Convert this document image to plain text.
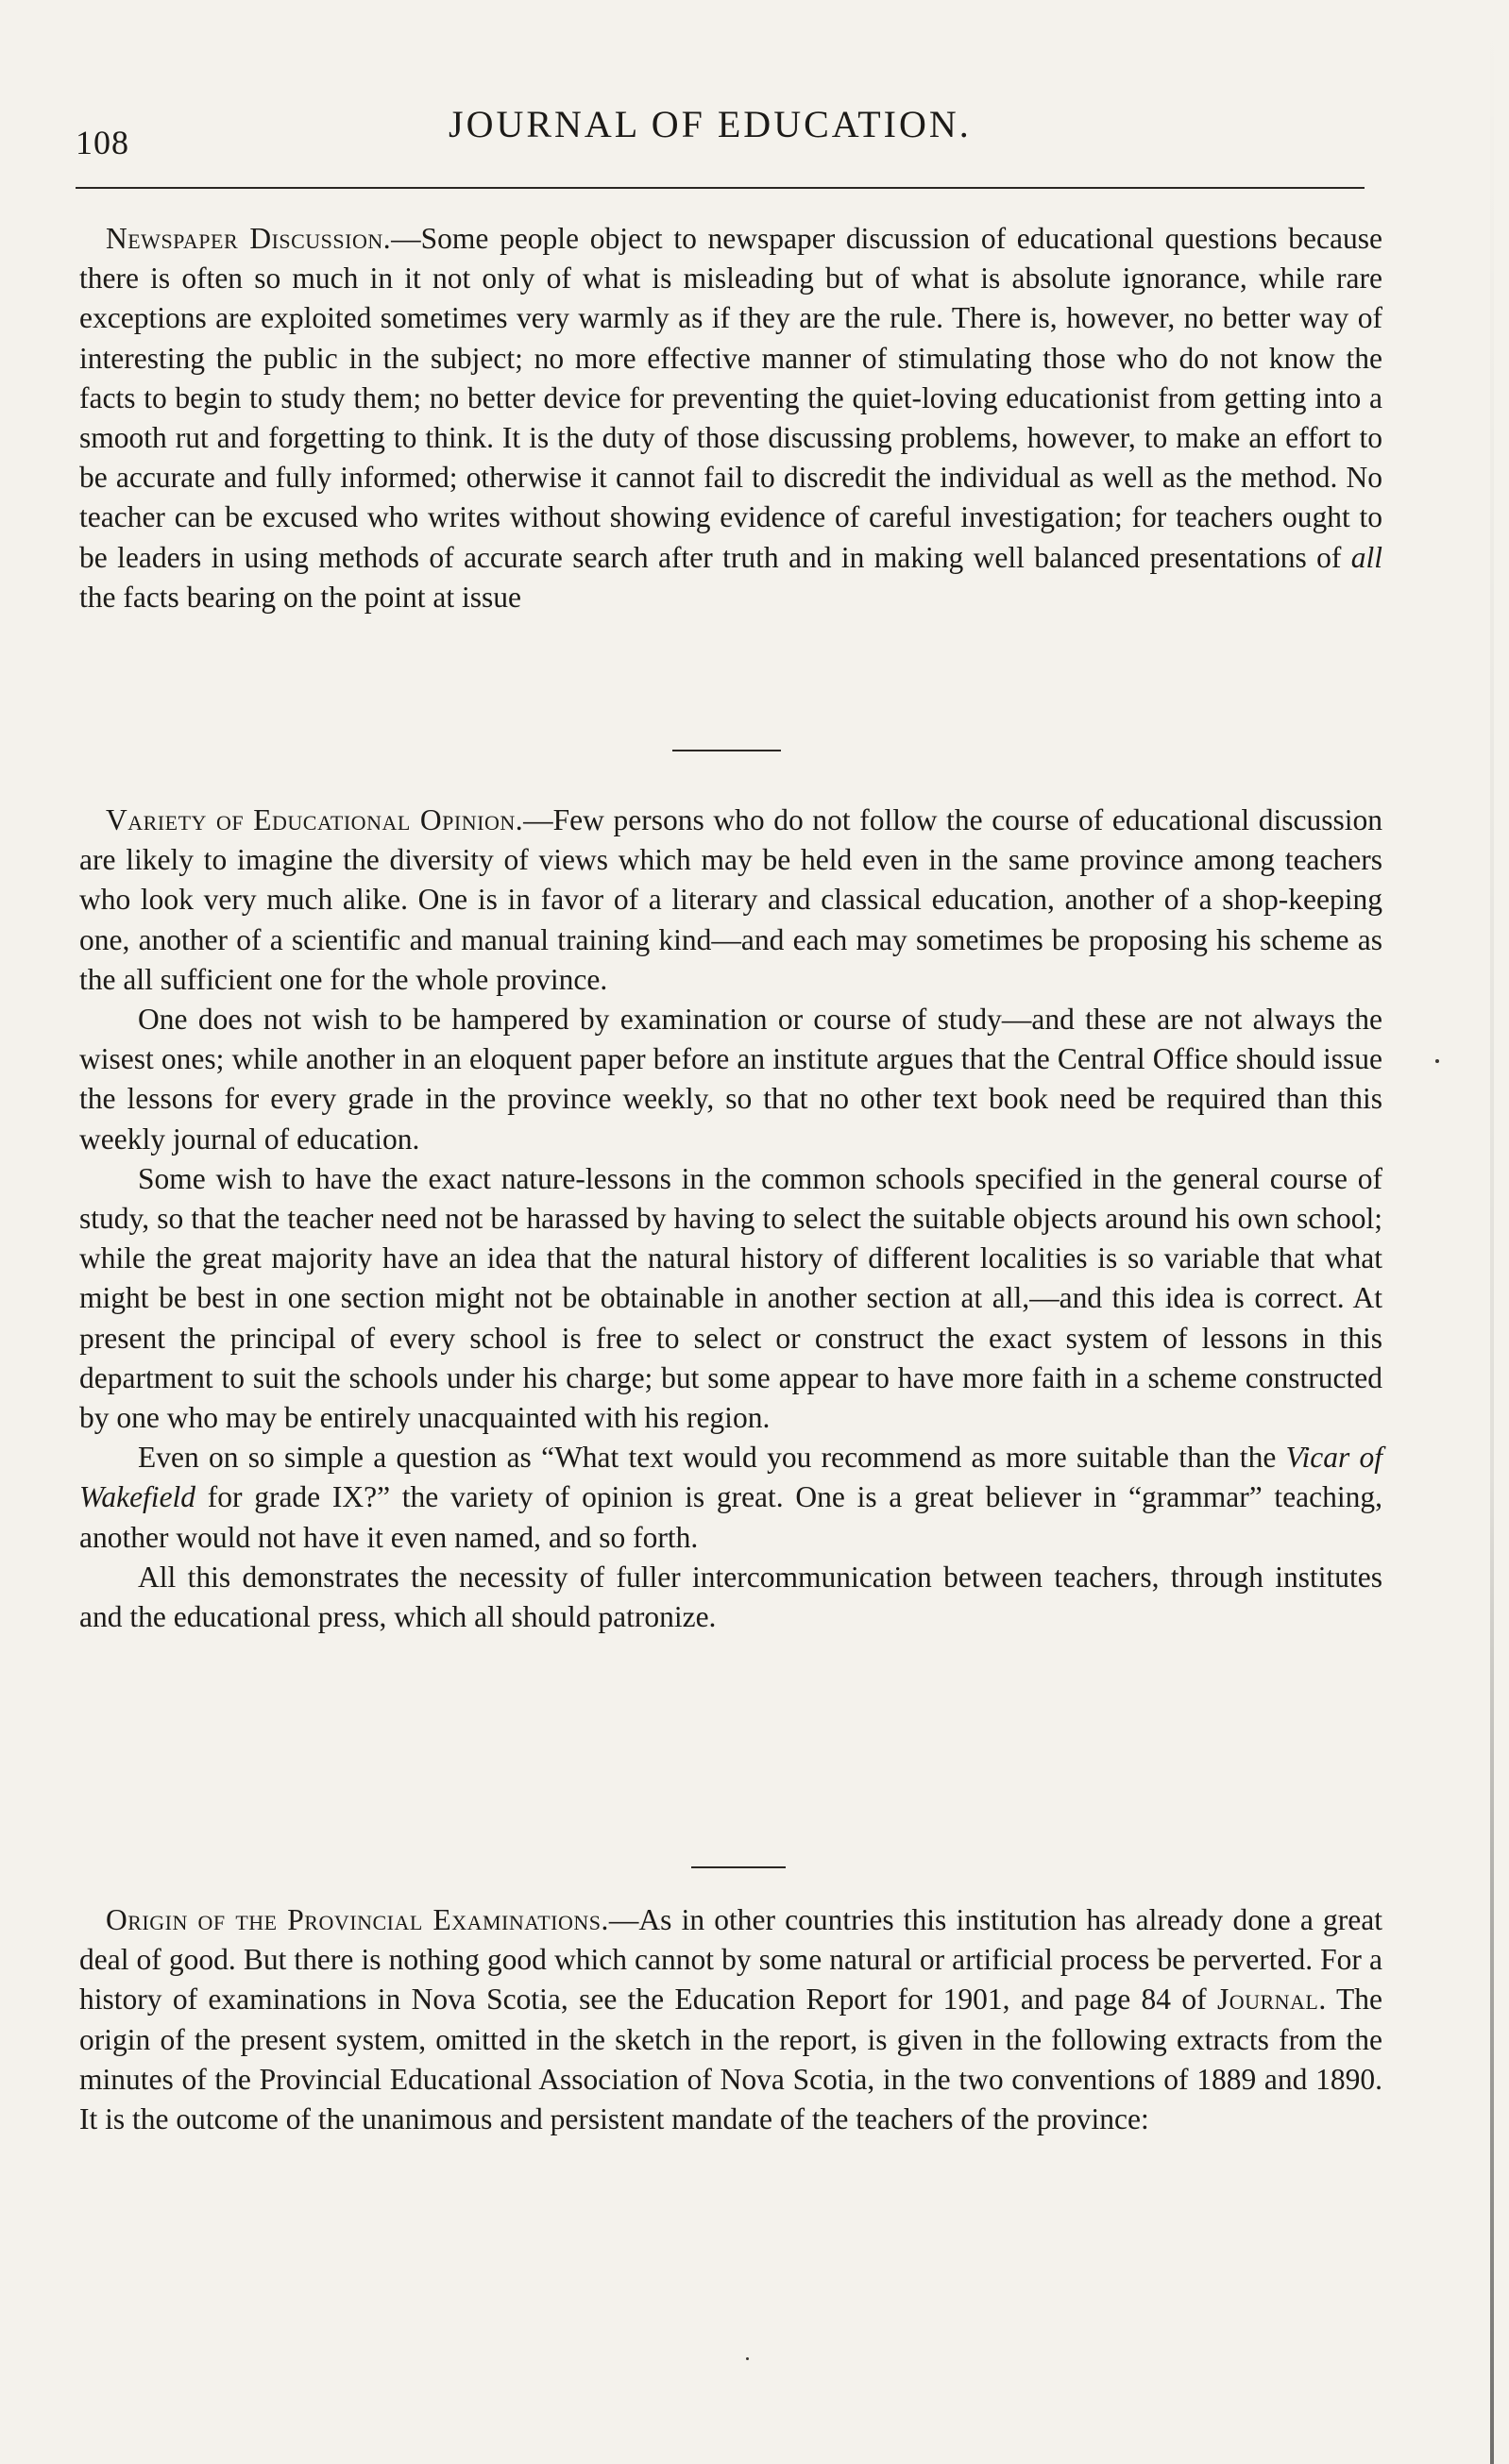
108	JOURNAL OF EDUCATION.

Newspaper Discussion.—Some people object to newspaper discussion of educational questions because there is often so much in it not only of what is misleading but of what is absolute ignorance, while rare exceptions are exploited sometimes very warmly as if they are the rule. There is, however, no better way of interesting the public in the subject; no more effective manner of stimulating those who do not know the facts to begin to study them; no better device for preventing the quiet-loving educationist from getting into a smooth rut and forgetting to think. It is the duty of those discussing problems, however, to make an effort to be accurate and fully informed; otherwise it cannot fail to discredit the individual as well as the method. No teacher can be excused who writes without showing evidence of careful investigation; for teachers ought to be leaders in using methods of accurate search after truth and in making well balanced presentations of all the facts bearing on the point at issue

Variety of Educational Opinion.—Few persons who do not follow the course of educational discussion are likely to imagine the diversity of views which may be held even in the same province among teachers who look very much alike. One is in favor of a literary and classical education, another of a shop-keeping one, another of a scientific and manual training kind—and each may sometimes be proposing his scheme as the all sufficient one for the whole province.

One does not wish to be hampered by examination or course of study—and these are not always the wisest ones; while another in an eloquent paper before an institute argues that the Central Office should issue the lessons for every grade in the province weekly, so that no other text book need be required than this weekly journal of education.

Some wish to have the exact nature-lessons in the common schools specified in the general course of study, so that the teacher need not be harassed by having to select the suitable objects around his own school; while the great majority have an idea that the natural history of different localities is so variable that what might be best in one section might not be obtainable in another section at all,—and this idea is correct. At present the principal of every school is free to select or construct the exact system of lessons in this department to suit the schools under his charge; but some appear to have more faith in a scheme constructed by one who may be entirely unacquainted with his region.

Even on so simple a question as “What text would you recommend as more suitable than the Vicar of Wakefield for grade IX?” the variety of opinion is great. One is a great believer in “grammar” teaching, another would not have it even named, and so forth.

All this demonstrates the necessity of fuller intercommunication between teachers, through institutes and the educational press, which all should patronize.

Origin of the Provincial Examinations.—As in other countries this institution has already done a great deal of good. But there is nothing good which cannot by some natural or artificial process be perverted. For a history of examinations in Nova Scotia, see the Education Report for 1901, and page 84 of Journal. The origin of the present system, omitted in the sketch in the report, is given in the following extracts from the minutes of the Provincial Educational Association of Nova Scotia, in the two conventions of 1889 and 1890. It is the outcome of the unanimous and persistent mandate of the teachers of the province:
